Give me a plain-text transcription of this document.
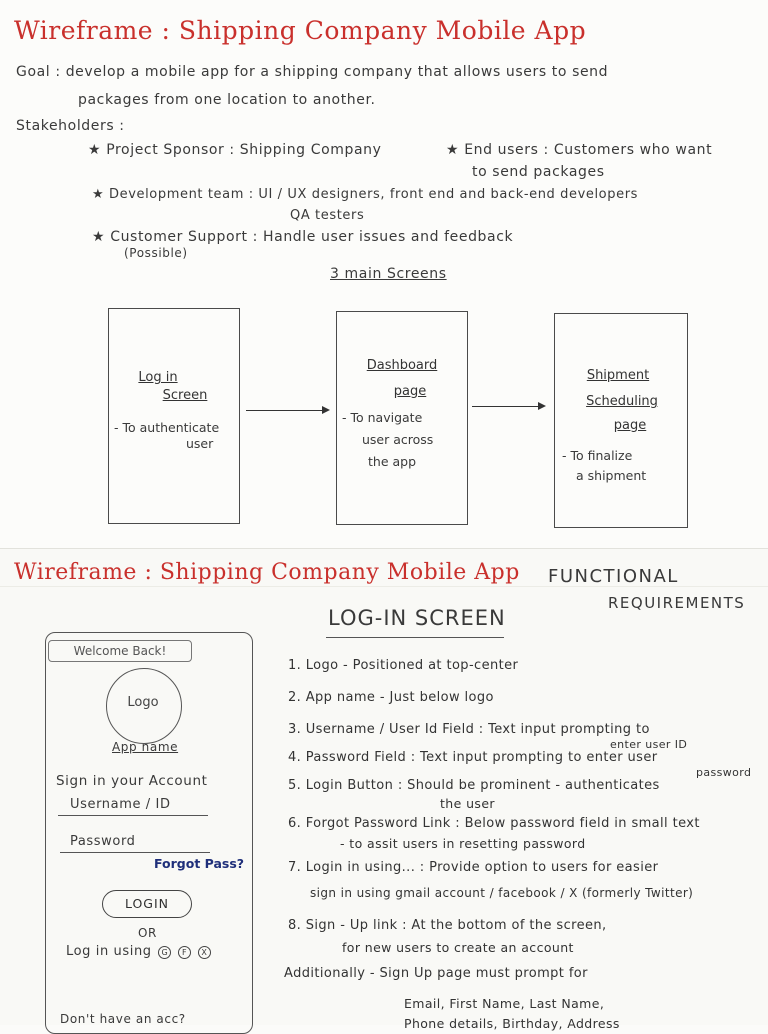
Wireframe : Shipping Company Mobile App
Goal : develop a mobile app for a shipping company that allows users to send
packages from one location to another.
Stakeholders :
★ Project Sponsor : Shipping Company	★ End users : Customers who want
to send packages
★ Development team : UI / UX designers, front end and back-end developers
QA testers
★ Customer Support : Handle user issues and feedback
(Possible)
3 main Screens
Log in
Screen
- To authenticate
user
Dashboard
page
- To navigate
user across
the app
Shipment
Scheduling
page
- To finalize
a shipment
Wireframe : Shipping Company Mobile App FUNCTIONAL
REQUIREMENTS
LOG-IN SCREEN
Welcome Back!
Logo
App name
Sign in your Account
Username / ID
Password
Forgot Pass?
LOGIN
OR
Log in using G F X
Don't have an acc?
1. Logo - Positioned at top-center
2. App name - Just below logo
3. Username / User Id Field : Text input prompting to
enter user ID
4. Password Field : Text input prompting to enter user
password
5. Login Button : Should be prominent - authenticates
the user
6. Forgot Password Link : Below password field in small text
- to assit users in resetting password
7. Login in using... : Provide option to users for easier
sign in using gmail account / facebook / X (formerly Twitter)
8. Sign - Up link : At the bottom of the screen,
for new users to create an account
Additionally - Sign Up page must prompt for
Email, First Name, Last Name,
Phone details, Birthday, Address
